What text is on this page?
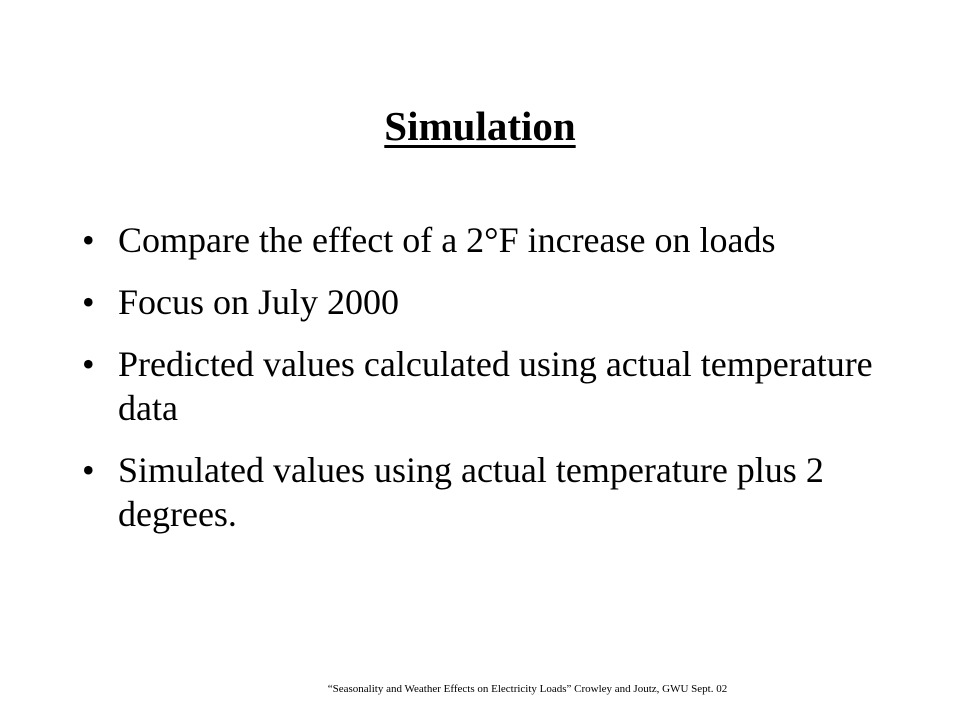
Simulation
• Compare the effect of a 2°F increase on loads
• Focus on July 2000
• Predicted values calculated using actual temperature data
• Simulated values using actual temperature plus 2 degrees.
“Seasonality and Weather Effects on Electricity Loads” Crowley and Joutz, GWU Sept. 02
